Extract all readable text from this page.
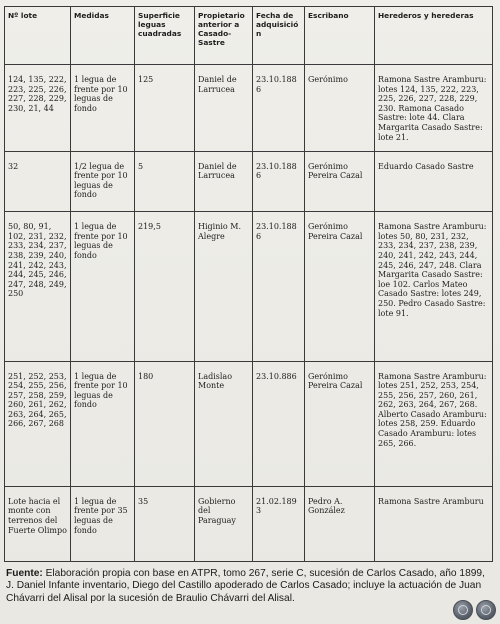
Nº lote	Medidas	Superficie leguas cuadradas	Propietario anterior a Casado-Sastre	Fecha de adquisición	Escribano	Herederos y herederas
124, 135, 222, 223, 225, 226, 227, 228, 229, 230, 21, 44	1 legua de frente por 10 leguas de fondo	125	Daniel de Larrucea	23.10.1886	Gerónimo	Ramona Sastre Aramburu: lotes 124, 135, 222, 223, 225, 226, 227, 228, 229, 230. Ramona Casado Sastre: lote 44. Clara Margarita Casado Sastre: lote 21.
32	1/2 legua de frente por 10 leguas de fondo	5	Daniel de Larrucea	23.10.1886	Gerónimo Pereira Cazal	Eduardo Casado Sastre
50, 80, 91, 102, 231, 232, 233, 234, 237, 238, 239, 240, 241, 242, 243, 244, 245, 246, 247, 248, 249, 250	1 legua de frente por 10 leguas de fondo	219,5	Higinio M. Alegre	23.10.1886	Gerónimo Pereira Cazal	Ramona Sastre Aramburu: lotes 50, 80, 231, 232, 233, 234, 237, 238, 239, 240, 241, 242, 243, 244, 245, 246, 247, 248. Clara Margarita Casado Sastre: loe 102. Carlos Mateo Casado Sastre: lotes 249, 250. Pedro Casado Sastre: lote 91.
251, 252, 253, 254, 255, 256, 257, 258, 259, 260, 261, 262, 263, 264, 265, 266, 267, 268	1 legua de frente por 10 leguas de fondo	180	Ladislao Monte	23.10.886	Gerónimo Pereira Cazal	Ramona Sastre Aramburu: lotes 251, 252, 253, 254, 255, 256, 257, 260, 261, 262, 263, 264, 267, 268. Alberto Casado Aramburu: lotes 258, 259. Eduardo Casado Aramburu: lotes 265, 266.
Lote hacia el monte con terrenos del Fuerte Olimpo	1 legua de frente por 35 leguas de fondo	35	Gobierno del Paraguay	21.02.1893	Pedro A. González	Ramona Sastre Aramburu
Fuente: Elaboración propia con base en ATPR, tomo 267, serie C, sucesión de Carlos Casado, año 1899, J. Daniel Infante inventario, Diego del Castillo apoderado de Carlos Casado; incluye la actuación de Juan Chávarri del Alisal por la sucesión de Braulio Chávarri del Alisal.
